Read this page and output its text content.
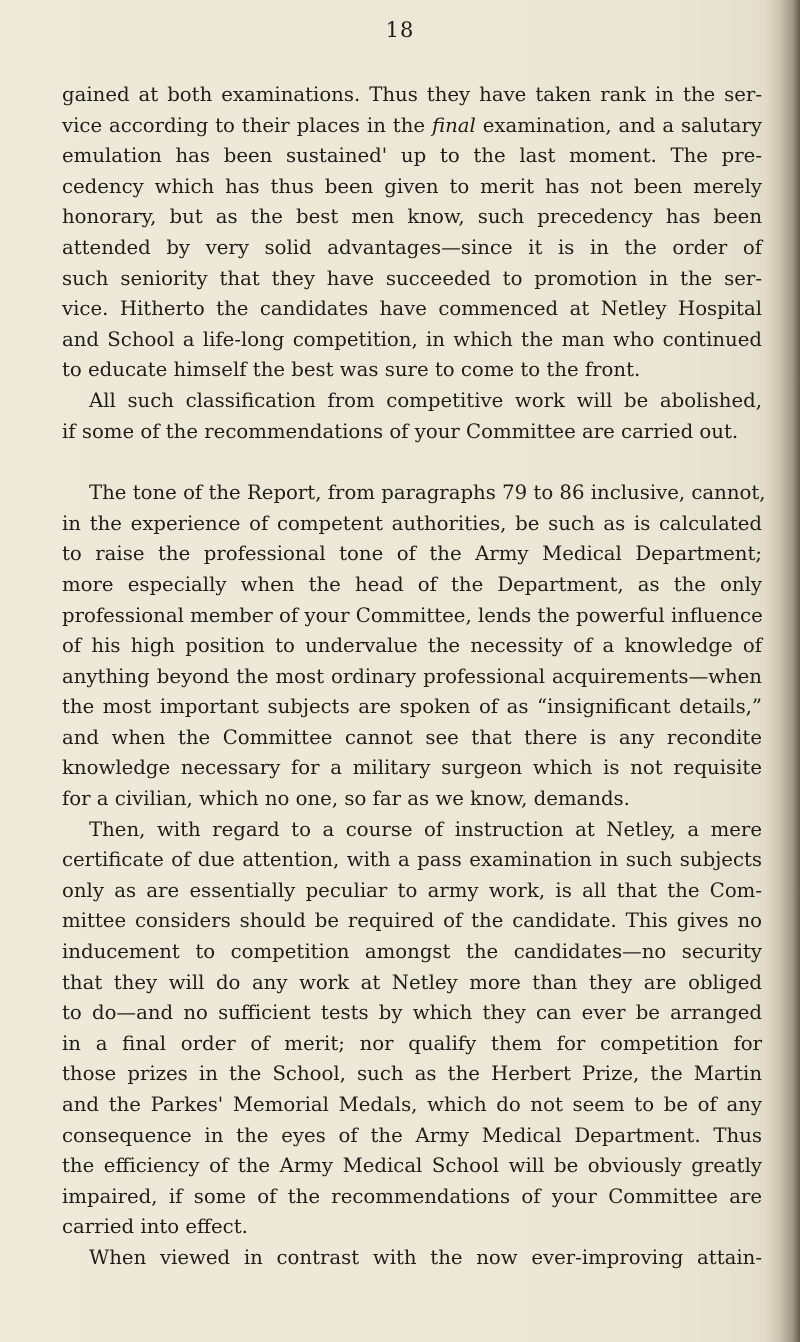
18
gained at both examinations. Thus they have taken rank in the ser-
vice according to their places in the final examination, and a salutary
emulation has been sustained' up to the last moment. The pre-
cedency which has thus been given to merit has not been merely
honorary, but as the best men know, such precedency has been
attended by very solid advantages—since it is in the order of
such seniority that they have succeeded to promotion in the ser-
vice. Hitherto the candidates have commenced at Netley Hospital
and School a life-long competition, in which the man who continued
to educate himself the best was sure to come to the front.
All such classification from competitive work will be abolished,
if some of the recommendations of your Committee are carried out.
The tone of the Report, from paragraphs 79 to 86 inclusive, cannot,
in the experience of competent authorities, be such as is calculated
to raise the professional tone of the Army Medical Department;
more especially when the head of the Department, as the only
professional member of your Committee, lends the powerful influence
of his high position to undervalue the necessity of a knowledge of
anything beyond the most ordinary professional acquirements—when
the most important subjects are spoken of as “insignificant details,”
and when the Committee cannot see that there is any recondite
knowledge necessary for a military surgeon which is not requisite
for a civilian, which no one, so far as we know, demands.
Then, with regard to a course of instruction at Netley, a mere
certificate of due attention, with a pass examination in such subjects
only as are essentially peculiar to army work, is all that the Com-
mittee considers should be required of the candidate. This gives no
inducement to competition amongst the candidates—no security
that they will do any work at Netley more than they are obliged
to do—and no sufficient tests by which they can ever be arranged
in a final order of merit; nor qualify them for competition for
those prizes in the School, such as the Herbert Prize, the Martin
and the Parkes' Memorial Medals, which do not seem to be of any
consequence in the eyes of the Army Medical Department. Thus
the efficiency of the Army Medical School will be obviously greatly
impaired, if some of the recommendations of your Committee are
carried into effect.
When viewed in contrast with the now ever-improving attain-
